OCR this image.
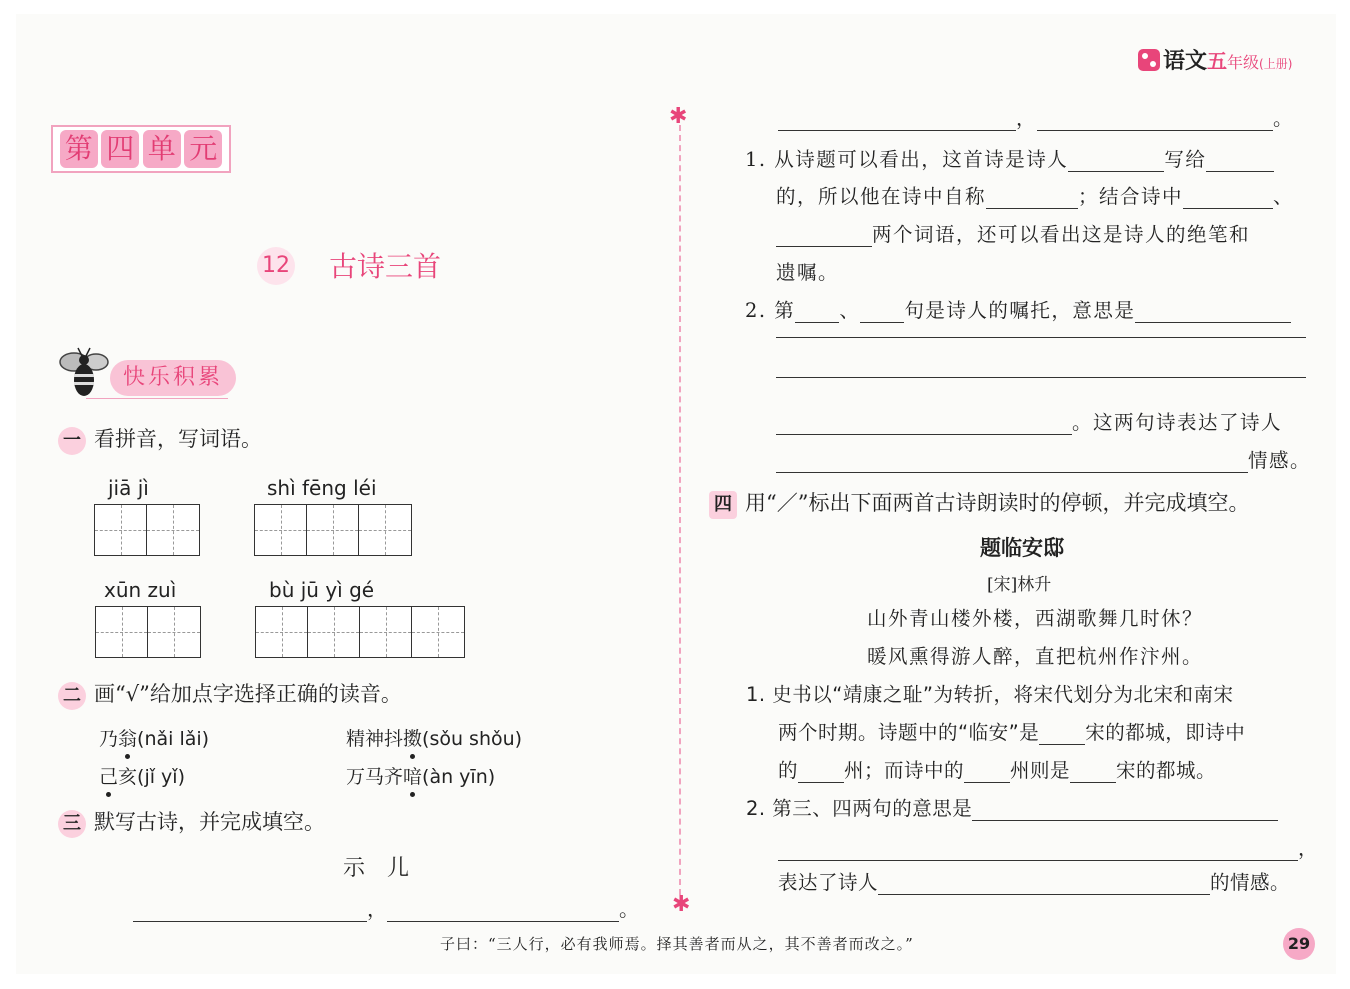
语文五年级(上册)
第 四 单 元
12 古诗三首
快乐积累
一 看拼音，写词语。
jiā jì	shì fēng léi
xūn zuì	bù jū yì gé
二 画“√”给加点字选择正确的读音。
乃翁(nǎi lǎi)	精神抖擞(sǒu shǒu)
己亥(jǐ yǐ)	万马齐喑(àn yīn)
三 默写古诗，并完成填空。
示　儿
，	。
✱
✱
，	。
1. 从诗题可以看出，这首诗是诗人	写给
的，所以他在诗中自称	；结合诗中	、
两个词语，还可以看出这是诗人的绝笔和
遗嘱。
2. 第 、 句是诗人的嘱托，意思是
。这两句诗表达了诗人
情感。
四 用“／”标出下面两首古诗朗读时的停顿，并完成填空。
题临安邸
[宋]林升
山外青山楼外楼，西湖歌舞几时休？
暖风熏得游人醉，直把杭州作汴州。
1. 史书以“靖康之耻”为转折，将宋代划分为北宋和南宋
两个时期。诗题中的“临安”是 宋的都城，即诗中
的 州；而诗中的 州则是 宋的都城。
2. 第三、四两句的意思是
，
表达了诗人	的情感。
子曰：“三人行，必有我师焉。择其善者而从之，其不善者而改之。”	29
